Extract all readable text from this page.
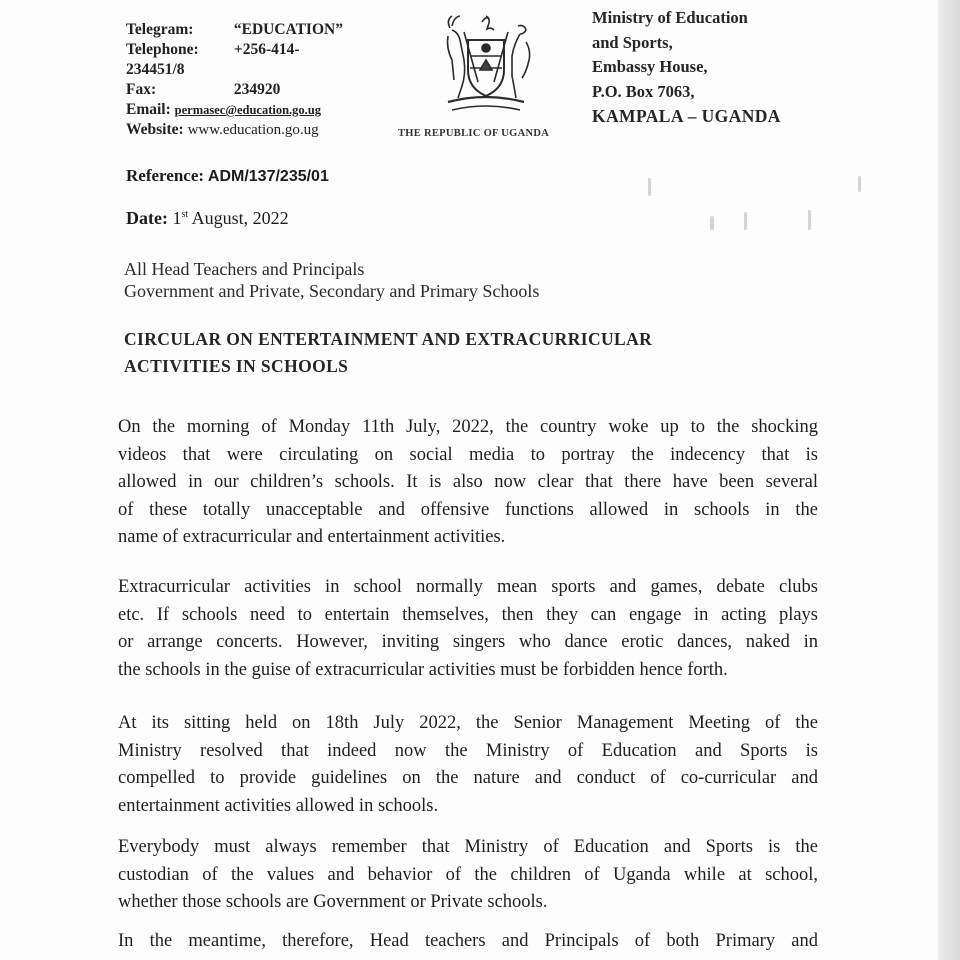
Telegram:	“EDUCATION”
Telephone: +256-414-
234451/8
Fax:	234920
Email: permasec@education.go.ug
Website: www.education.go.ug	THE REPUBLIC OF UGANDA
Ministry of Education
and Sports,
Embassy House,
P.O. Box 7063,
KAMPALA – UGANDA
Reference: ADM/137/235/01
Date: 1st August, 2022
All Head Teachers and Principals
Government and Private, Secondary and Primary Schools
CIRCULAR ON ENTERTAINMENT AND EXTRACURRICULAR
ACTIVITIES IN SCHOOLS
On the morning of Monday 11th July, 2022, the country woke up to the shocking
videos that were circulating on social media to portray the indecency that is
allowed in our children’s schools. It is also now clear that there have been several
of these totally unacceptable and offensive functions allowed in schools in the
name of extracurricular and entertainment activities.
Extracurricular activities in school normally mean sports and games, debate clubs
etc. If schools need to entertain themselves, then they can engage in acting plays
or arrange concerts. However, inviting singers who dance erotic dances, naked in
the schools in the guise of extracurricular activities must be forbidden hence forth.
At its sitting held on 18th July 2022, the Senior Management Meeting of the
Ministry resolved that indeed now the Ministry of Education and Sports is
compelled to provide guidelines on the nature and conduct of co-curricular and
entertainment activities allowed in schools.
Everybody must always remember that Ministry of Education and Sports is the
custodian of the values and behavior of the children of Uganda while at school,
whether those schools are Government or Private schools.
In the meantime, therefore, Head teachers and Principals of both Primary and
